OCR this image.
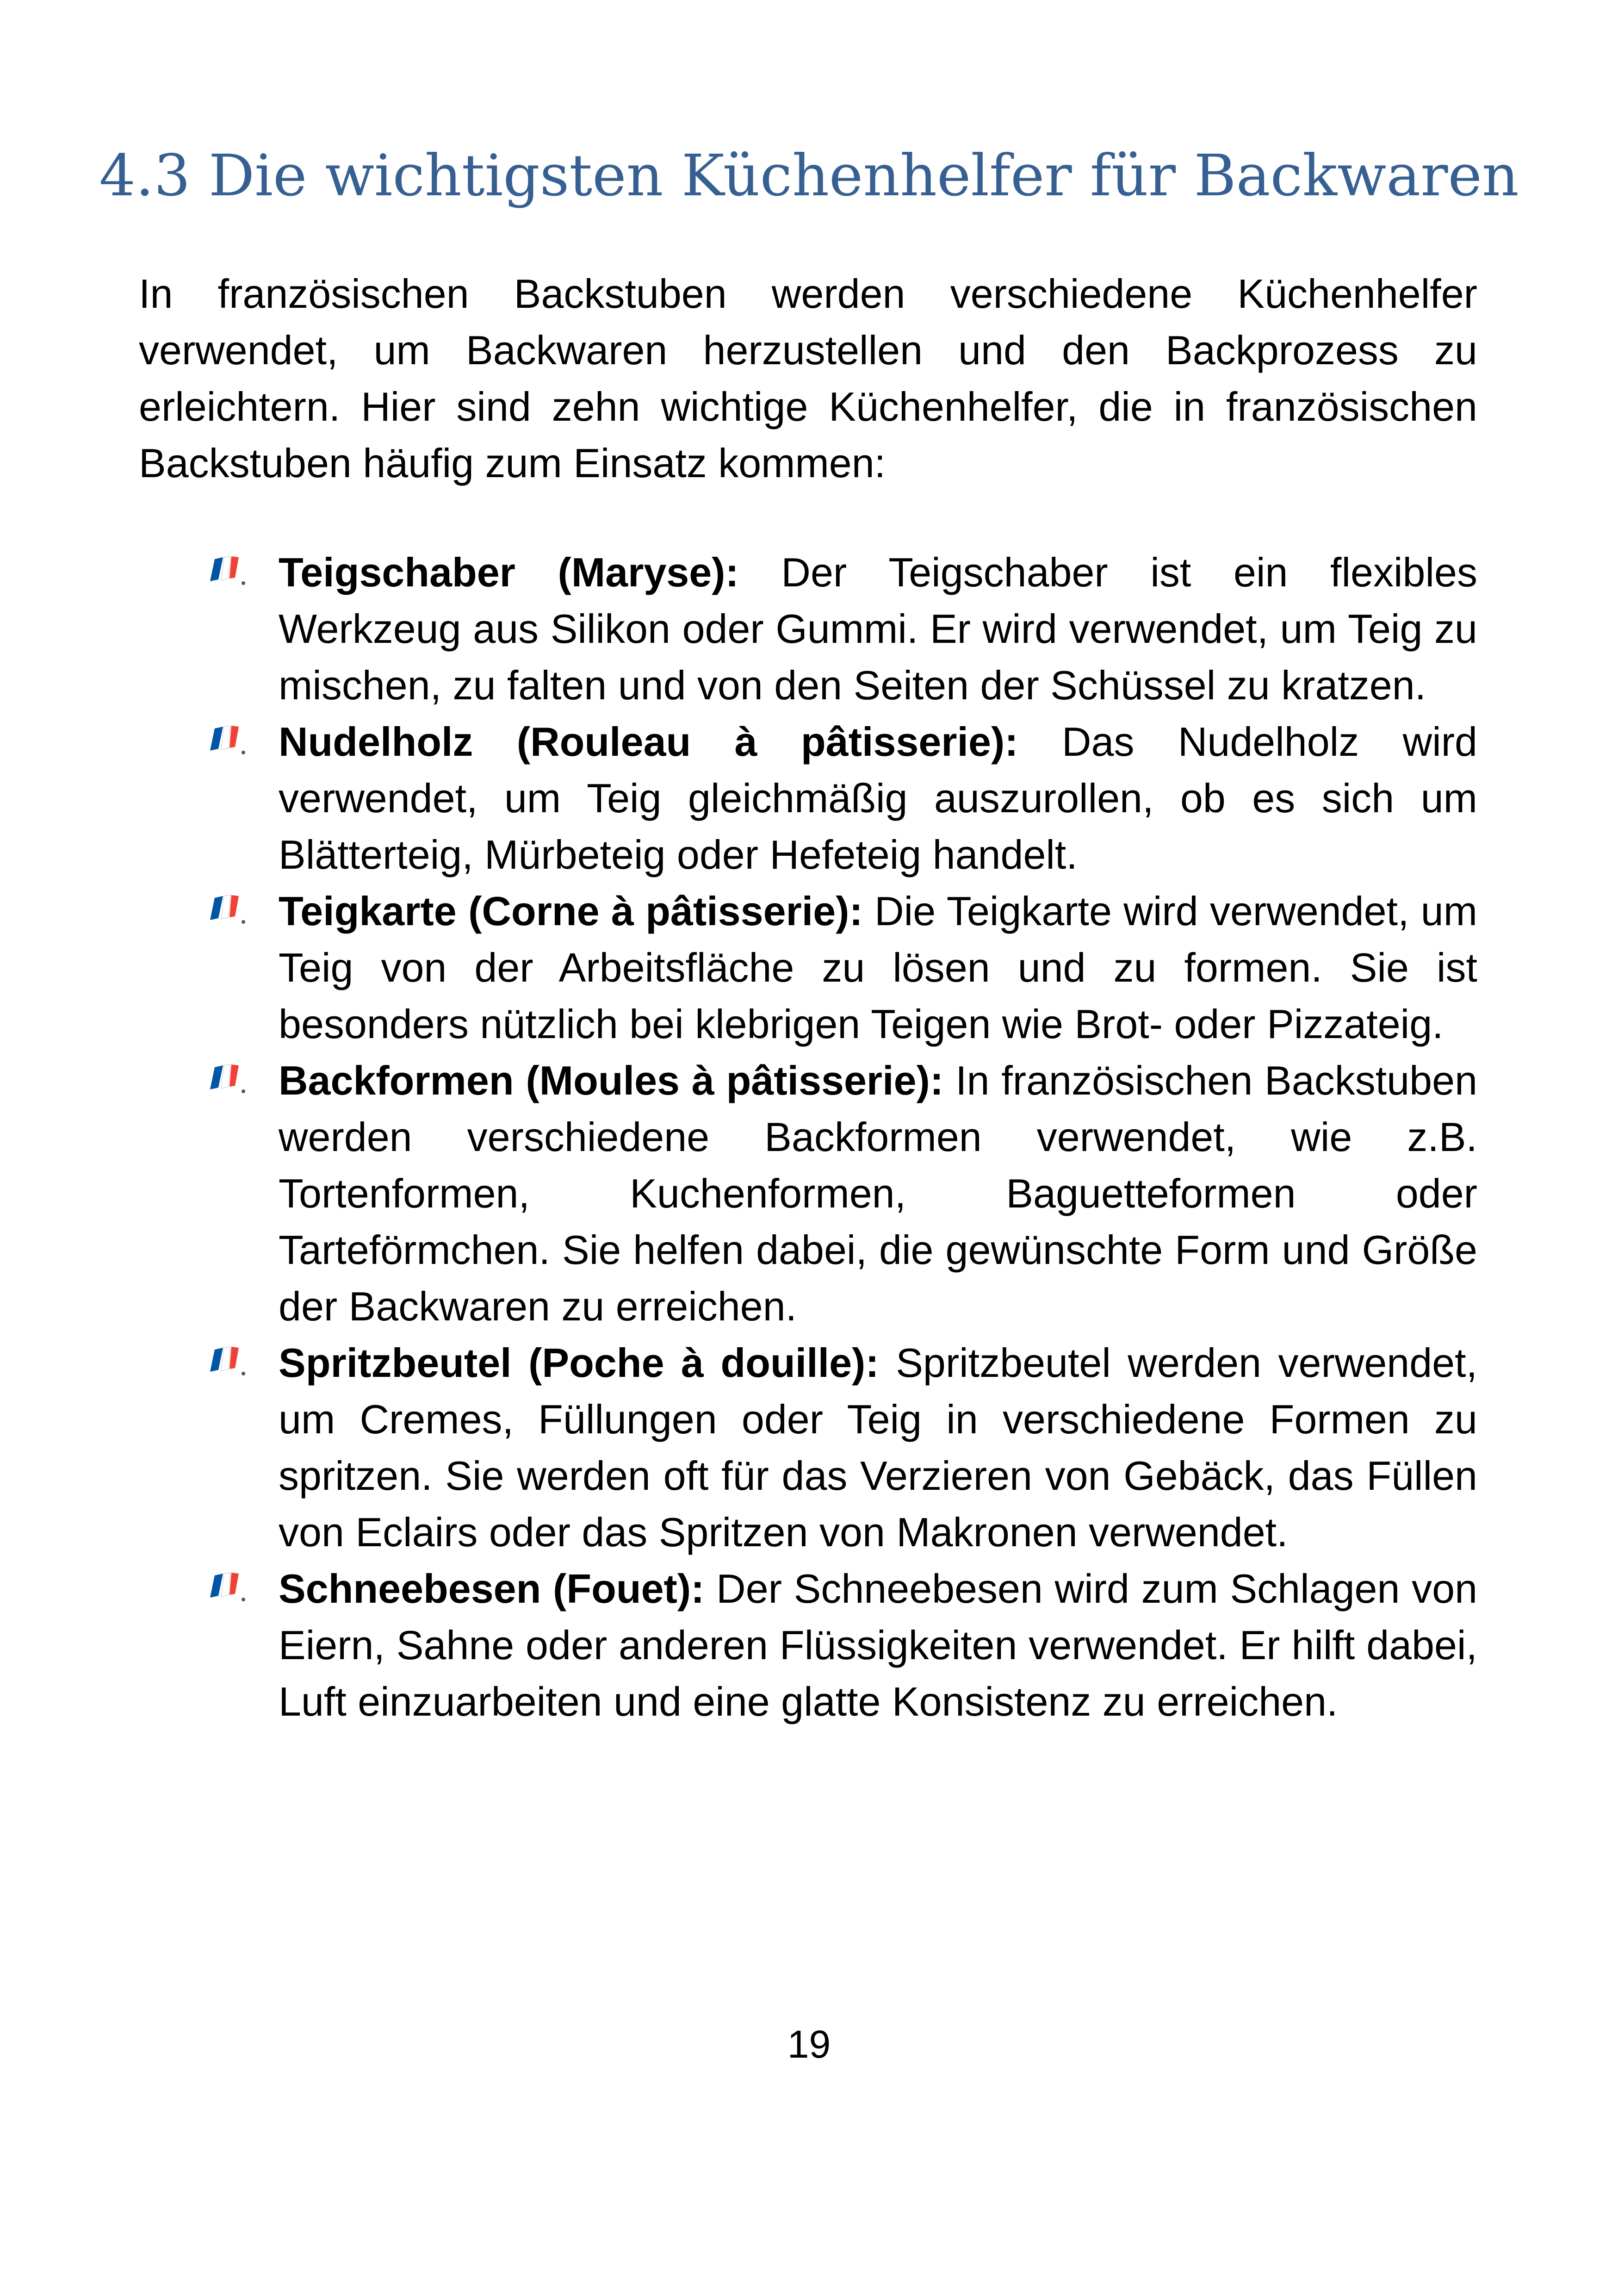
4.3 Die wichtigsten Küchenhelfer für Backwaren

In französischen Backstuben werden verschiedene Küchenhelfer verwendet, um Backwaren herzustellen und den Backprozess zu erleichtern. Hier sind zehn wichtige Küchenhelfer, die in französischen Backstuben häufig zum Einsatz kommen:

Teigschaber (Maryse): Der Teigschaber ist ein flexibles Werkzeug aus Silikon oder Gummi. Er wird verwendet, um Teig zu mischen, zu falten und von den Seiten der Schüssel zu kratzen.
Nudelholz (Rouleau à pâtisserie): Das Nudelholz wird verwendet, um Teig gleichmäßig auszurollen, ob es sich um Blätterteig, Mürbeteig oder Hefeteig handelt.
Teigkarte (Corne à pâtisserie): Die Teigkarte wird verwendet, um Teig von der Arbeitsfläche zu lösen und zu formen. Sie ist besonders nützlich bei klebrigen Teigen wie Brot- oder Pizzateig.
Backformen (Moules à pâtisserie): In französischen Backstuben werden verschiedene Backformen verwendet, wie z.B. Tortenformen, Kuchenformen, Baguetteformen oder Tarteförmchen. Sie helfen dabei, die gewünschte Form und Größe der Backwaren zu erreichen.
Spritzbeutel (Poche à douille): Spritzbeutel werden verwendet, um Cremes, Füllungen oder Teig in verschiedene Formen zu spritzen. Sie werden oft für das Verzieren von Gebäck, das Füllen von Eclairs oder das Spritzen von Makronen verwendet.
Schneebesen (Fouet): Der Schneebesen wird zum Schlagen von Eiern, Sahne oder anderen Flüssigkeiten verwendet. Er hilft dabei, Luft einzuarbeiten und eine glatte Konsistenz zu erreichen.

19
